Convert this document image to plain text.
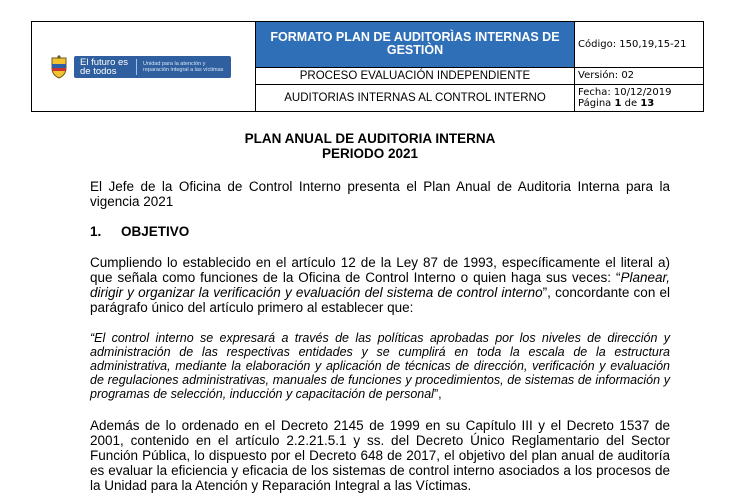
El futuro es de todos
Unidad para la atención y reparación integral a las víctimas	FORMATO PLAN DE AUDITORÌAS INTERNAS DE GESTIÒN	Código: 150,19,15-21
	PROCESO EVALUACIÓN INDEPENDIENTE	Versión: 02
	AUDITORIAS INTERNAS AL CONTROL INTERNO	Fecha: 10/12/2019
Página 1 de 13
PLAN ANUAL DE AUDITORIA INTERNA
PERIODO 2021
El Jefe de la Oficina de Control Interno presenta el Plan Anual de Auditoria Interna para la vigencia 2021
1. OBJETIVO
Cumpliendo lo establecido en el artículo 12 de la Ley 87 de 1993, específicamente el literal a) que señala como funciones de la Oficina de Control Interno o quien haga sus veces: “Planear, dirigir y organizar la verificación y evaluación del sistema de control interno”, concordante con el parágrafo único del artículo primero al establecer que:
“El control interno se expresará a través de las políticas aprobadas por los niveles de dirección y administración de las respectivas entidades y se cumplirá en toda la escala de la estructura administrativa, mediante la elaboración y aplicación de técnicas de dirección, verificación y evaluación de regulaciones administrativas, manuales de funciones y procedimientos, de sistemas de información y programas de selección, inducción y capacitación de personal”,
Además de lo ordenado en el Decreto 2145 de 1999 en su Capítulo III y el Decreto 1537 de 2001, contenido en el artículo 2.2.21.5.1 y ss. del Decreto Único Reglamentario del Sector Función Pública, lo dispuesto por el Decreto 648 de 2017, el objetivo del plan anual de auditoría es evaluar la eficiencia y eficacia de los sistemas de control interno asociados a los procesos de la Unidad para la Atención y Reparación Integral a las Víctimas.
